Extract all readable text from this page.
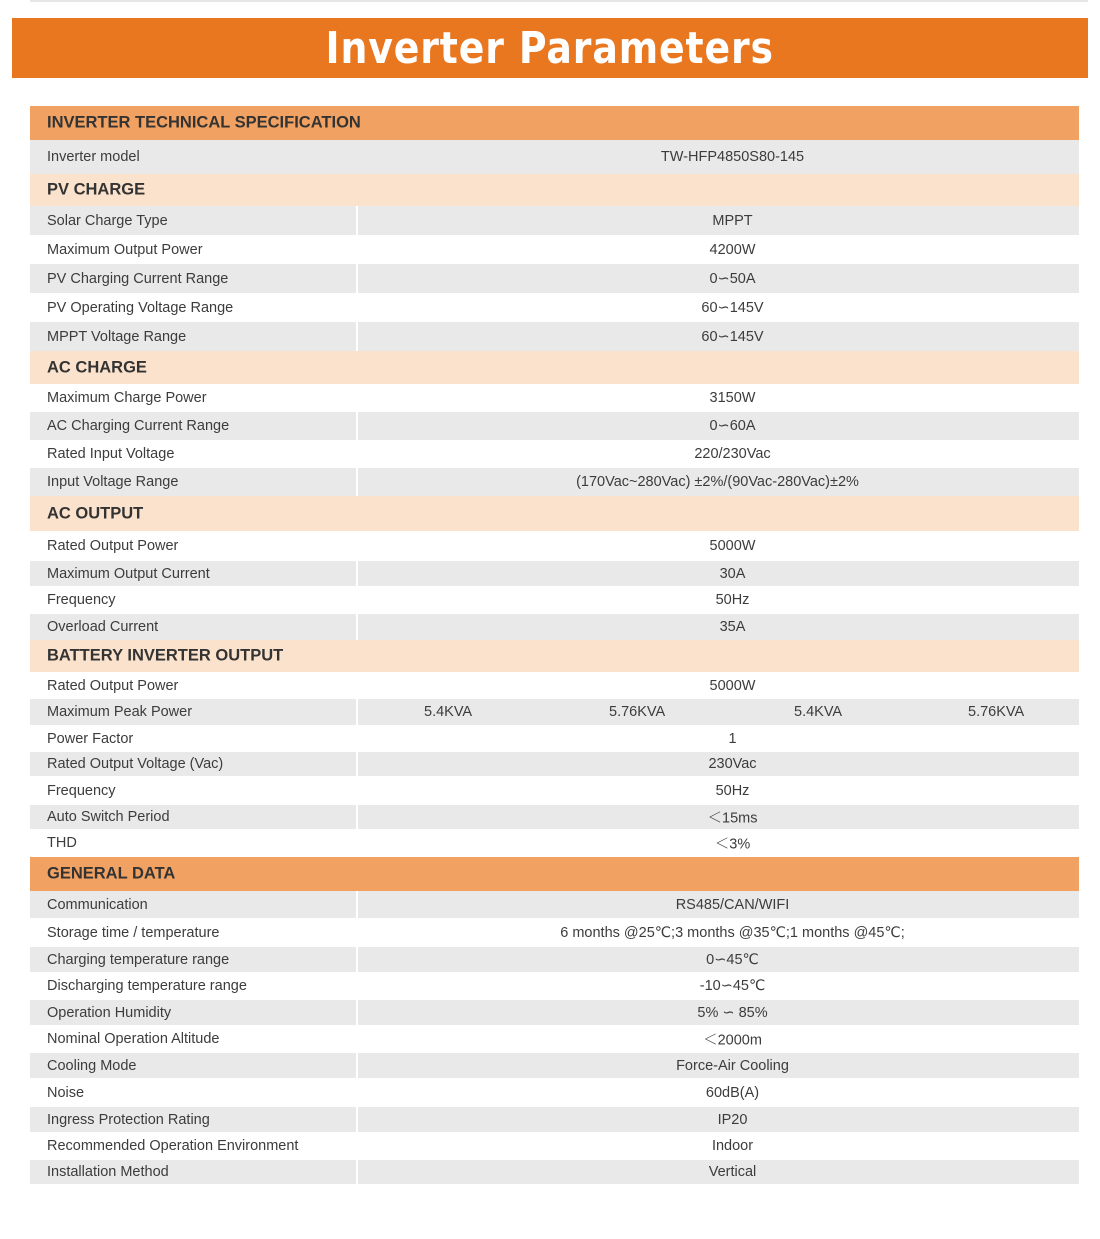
Inverter Parameters
INVERTER TECHNICAL SPECIFICATION
Inverter model	TW-HFP4850S80-145
PV CHARGE
Solar Charge Type	MPPT
Maximum Output Power	4200W
PV Charging Current Range	0∽50A
PV Operating Voltage Range	60∽145V
MPPT Voltage Range	60∽145V
AC CHARGE
Maximum Charge Power	3150W
AC Charging Current Range	0∽60A
Rated Input Voltage	220/230Vac
Input Voltage Range	(170Vac~280Vac) ±2%/(90Vac-280Vac)±2%
AC OUTPUT
Rated Output Power	5000W
Maximum Output Current	30A
Frequency	50Hz
Overload Current	35A
BATTERY INVERTER OUTPUT
Rated Output Power	5000W
Maximum Peak Power	5.4KVA	5.76KVA	5.4KVA	5.76KVA
Power Factor	1
Rated Output Voltage (Vac)	230Vac
Frequency	50Hz
Auto Switch Period	＜15ms
THD	＜3%
GENERAL DATA
Communication	RS485/CAN/WIFI
Storage time / temperature	6 months @25℃;3 months @35℃;1 months @45℃;
Charging temperature range	0∽45℃
Discharging temperature range	-10∽45℃
Operation Humidity	5% ∽ 85%
Nominal Operation Altitude	＜2000m
Cooling Mode	Force-Air Cooling
Noise	60dB(A)
Ingress Protection Rating	IP20
Recommended Operation Environment	Indoor
Installation Method	Vertical
